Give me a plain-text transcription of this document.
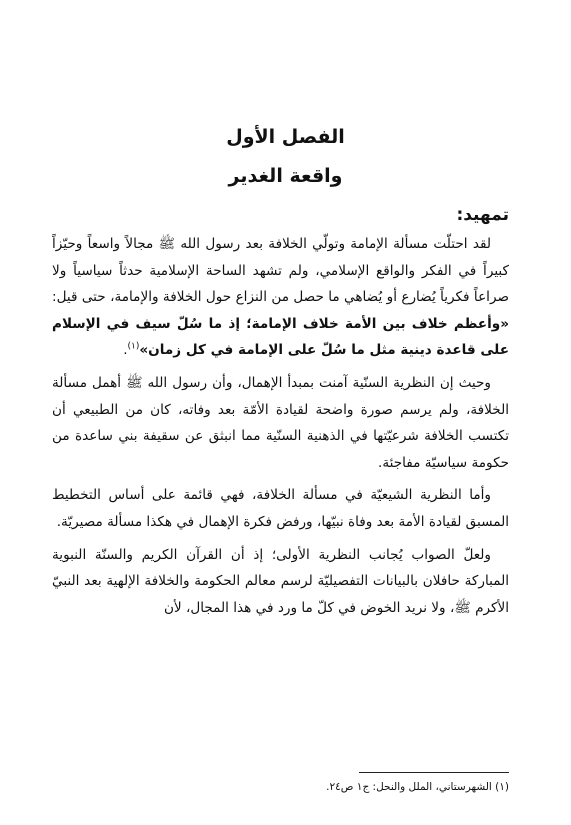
الفصل الأول
واقعة الغدير
تمهيد:

لقد احتلّت مسألة الإمامة وتولّي الخلافة بعد رسول الله ﷺ مجالاً واسعاً وحيّزاً كبيراً في الفكر والواقع الإسلامي، ولم تشهد الساحة الإسلامية حدثاً سياسياً ولا صراعاً فكرياً يُضارع أو يُضاهي ما حصل من النزاع حول الخلافة والإمامة، حتى قيل: «وأعظم خلاف بين الأمة خلاف الإمامة؛ إذ ما سُلّ سيف في الإسلام على قاعدة دينية مثل ما سُلّ على الإمامة في كل زمان»$^{(١)}$.

وحيث إن النظرية السنّية آمنت بمبدأ الإهمال، وأن رسول الله ﷺ أهمل مسألة الخلافة، ولم يرسم صورة واضحة لقيادة الأمّة بعد وفاته، كان من الطبيعي أن تكتسب الخلافة شرعيّتها في الذهنية السنّية مما انبثق عن سقيفة بني ساعدة من حكومة سياسيّة مفاجئة.

وأما النظرية الشيعيّة في مسألة الخلافة، فهي قائمة على أساس التخطيط المسبق لقيادة الأمة بعد وفاة نبيّها، ورفض فكرة الإهمال في هكذا مسألة مصيريّة.

ولعلّ الصواب يُجانب النظرية الأولى؛ إذ أن القرآن الكريم والسنّة النبوية المباركة حافلان بالبيانات التفصيليّة لرسم معالم الحكومة والخلافة الإلهية بعد النبيّ الأكرم ﷺ، ولا نريد الخوض في كلّ ما ورد في هذا المجال، لأن

(١) الشهرستاني، الملل والنحل: ج١ ص٢٤.
